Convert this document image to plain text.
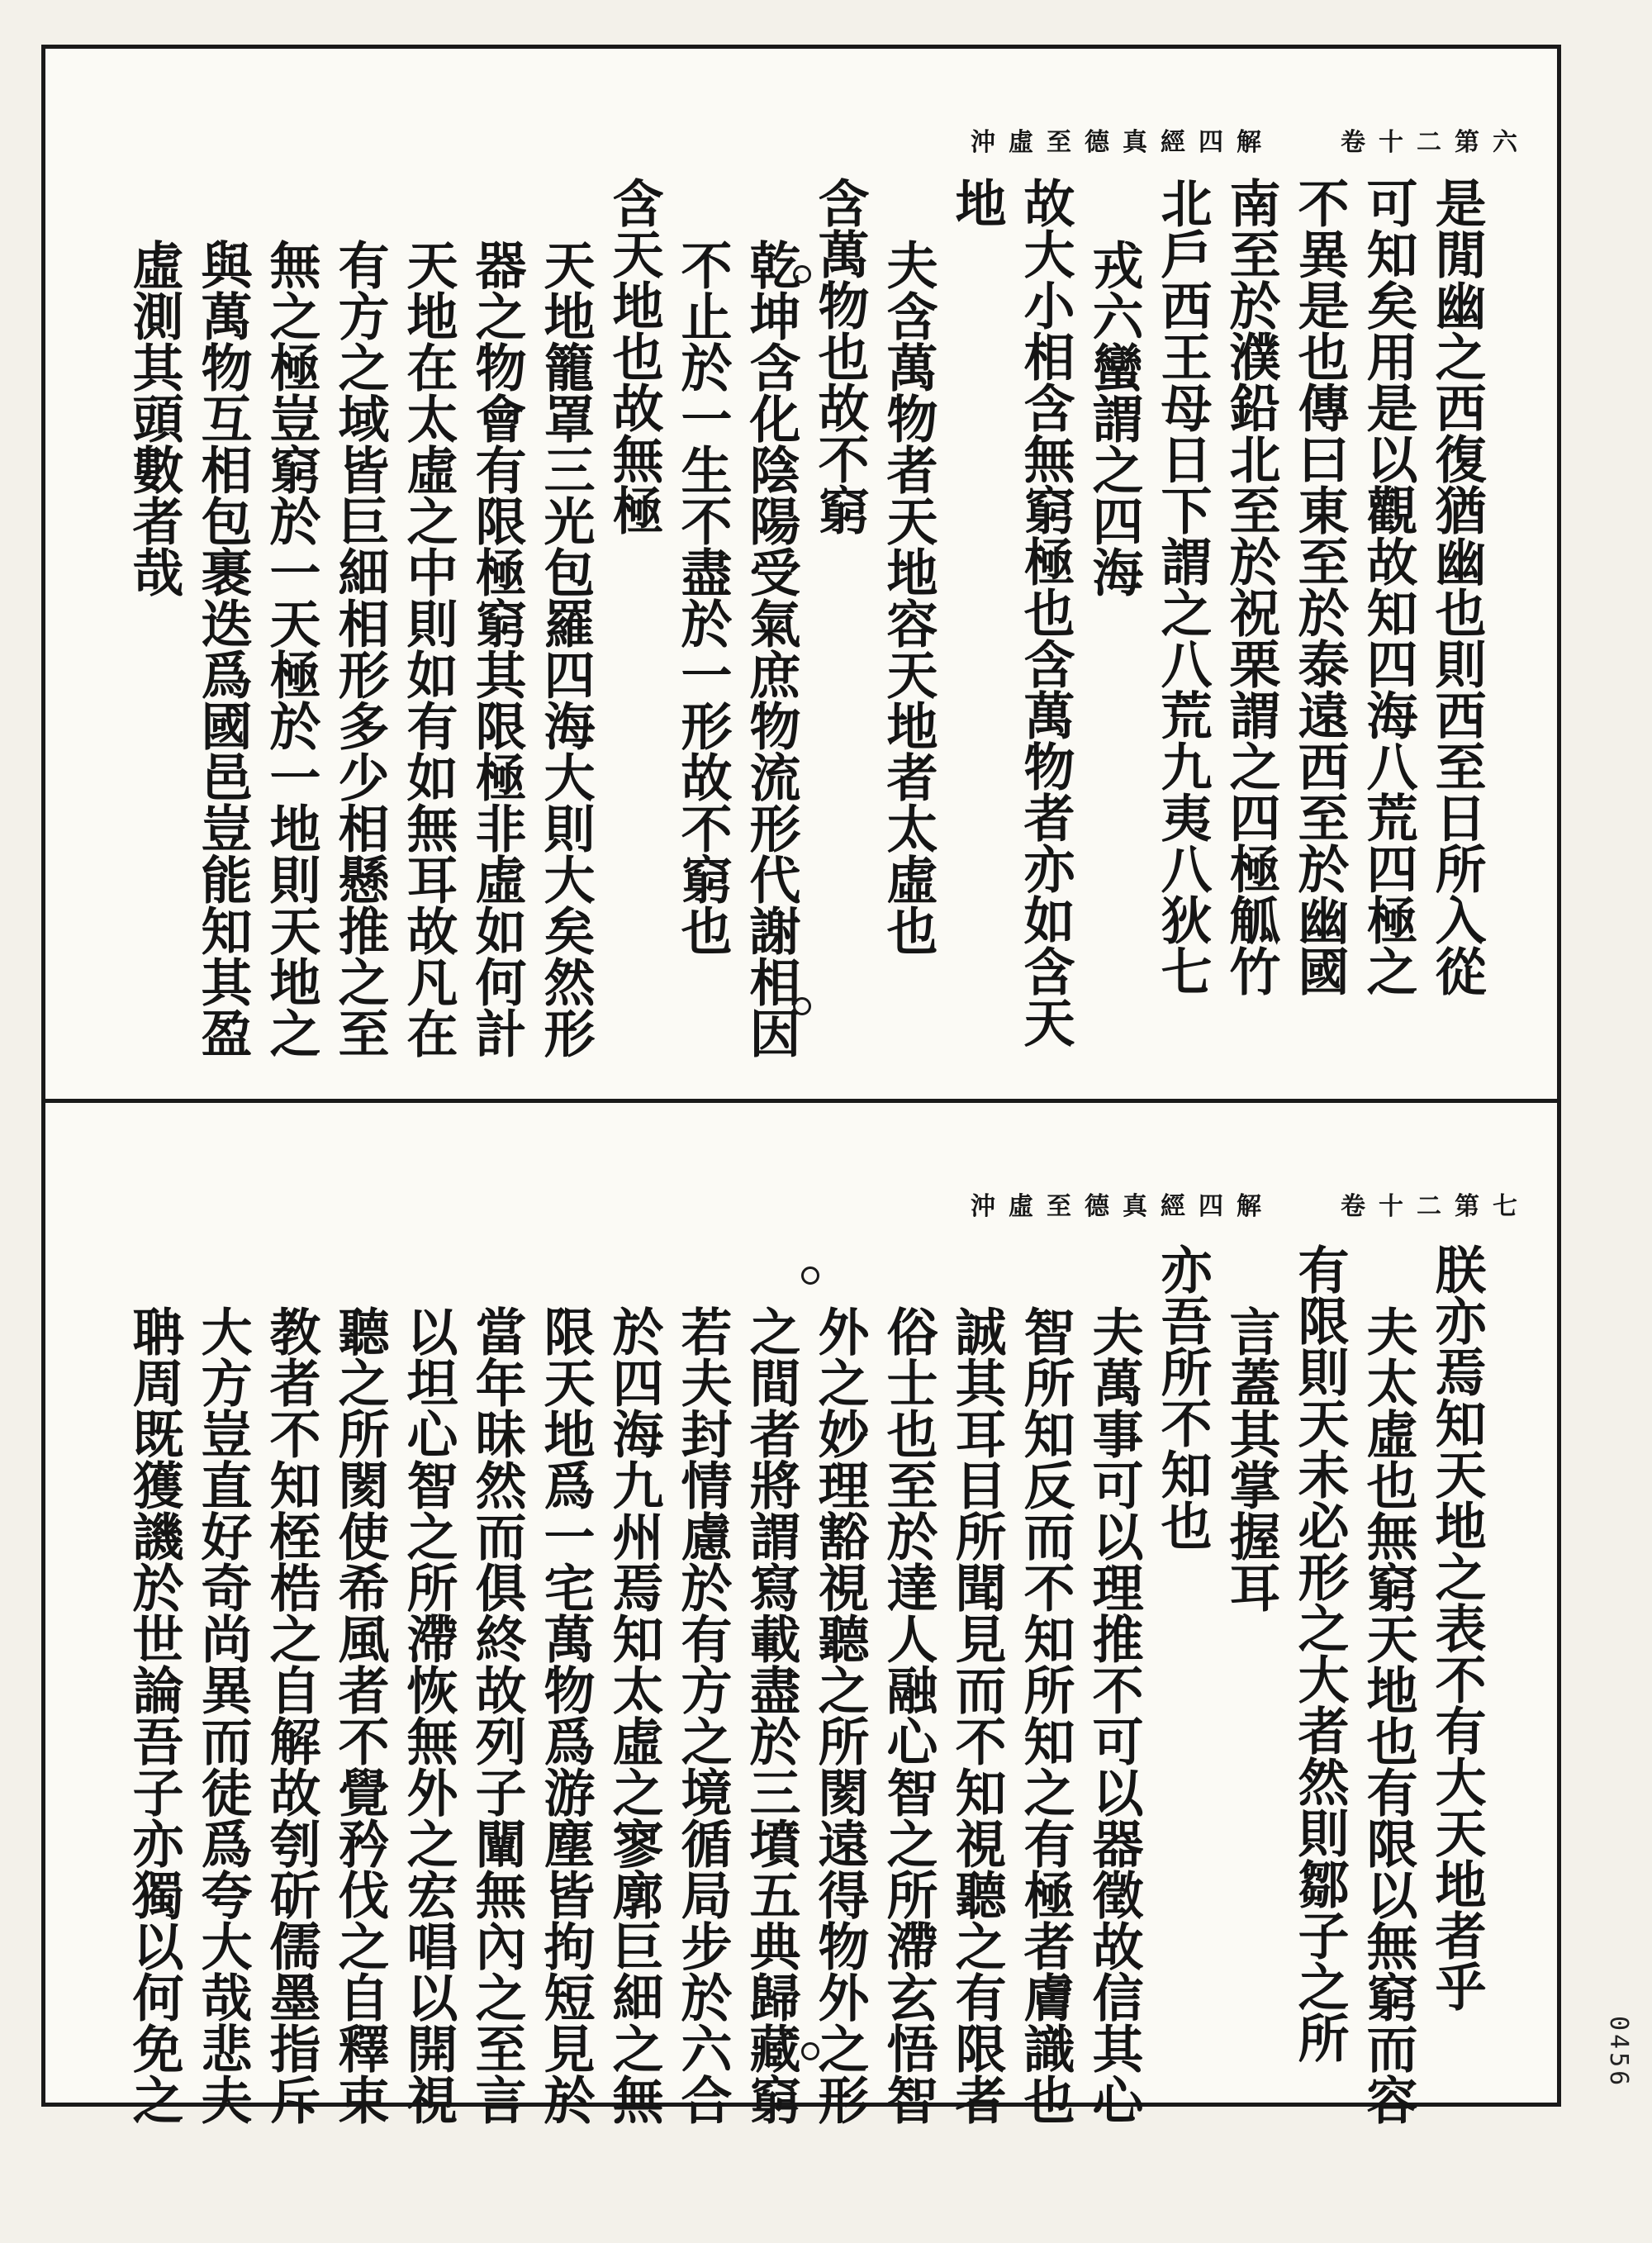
沖虛至德真經四解	卷十二第六
是閒幽之西復猶幽也則西至日所入從
可知矣用是以觀故知四海八荒四極之
不異是也傳曰東至於泰遠西至於幽國
南至於濮鉛北至於祝栗謂之四極觚竹
北戶西王母日下謂之八荒九夷八狄七
戎六蠻謂之四海
故大小相含無窮極也含萬物者亦如含天
地
夫含萬物者天地容天地者太虛也
含萬物也故不窮
乾坤含化陰陽受氣庶物流形代謝相因
不止於一生不盡於一形故不窮也
含天地也故無極
天地籠罩三光包羅四海大則大矣然形
器之物會有限極窮其限極非虛如何計
天地在太虛之中則如有如無耳故凡在
有方之域皆巨細相形多少相懸推之至
無之極豈窮於一天極於一地則天地之
與萬物互相包裹迭爲國邑豈能知其盈
虛測其頭數者哉
沖虛至德真經四解	卷十二第七
朕亦焉知天地之表不有大天地者乎
夫太虛也無窮天地也有限以無窮而容
有限則天未必形之大者然則鄒子之所
言蓋其掌握耳
亦吾所不知也
夫萬事可以理推不可以器徵故信其心
智所知反而不知所知之有極者膚識也
誠其耳目所聞見而不知視聽之有限者
俗士也至於達人融心智之所滯玄悟智
外之妙理豁視聽之所閡遠得物外之形
之間者將謂寫載盡於三墳五典歸藏窮
若夫封情慮於有方之境循局步於六合
於四海九州焉知太虛之寥廓巨細之無
限天地爲一宅萬物爲游塵皆拘短見於
當年昧然而俱終故列子闡無內之至言
以坦心智之所滯恢無外之宏唱以開視
聽之所閡使希風者不覺矜伐之自釋束
教者不知桎梏之自解故刳斫儒墨指斥
大方豈直好奇尚異而徒爲夸大哉悲夫
聃周既獲譏於世論吾子亦獨以何免之	0456
